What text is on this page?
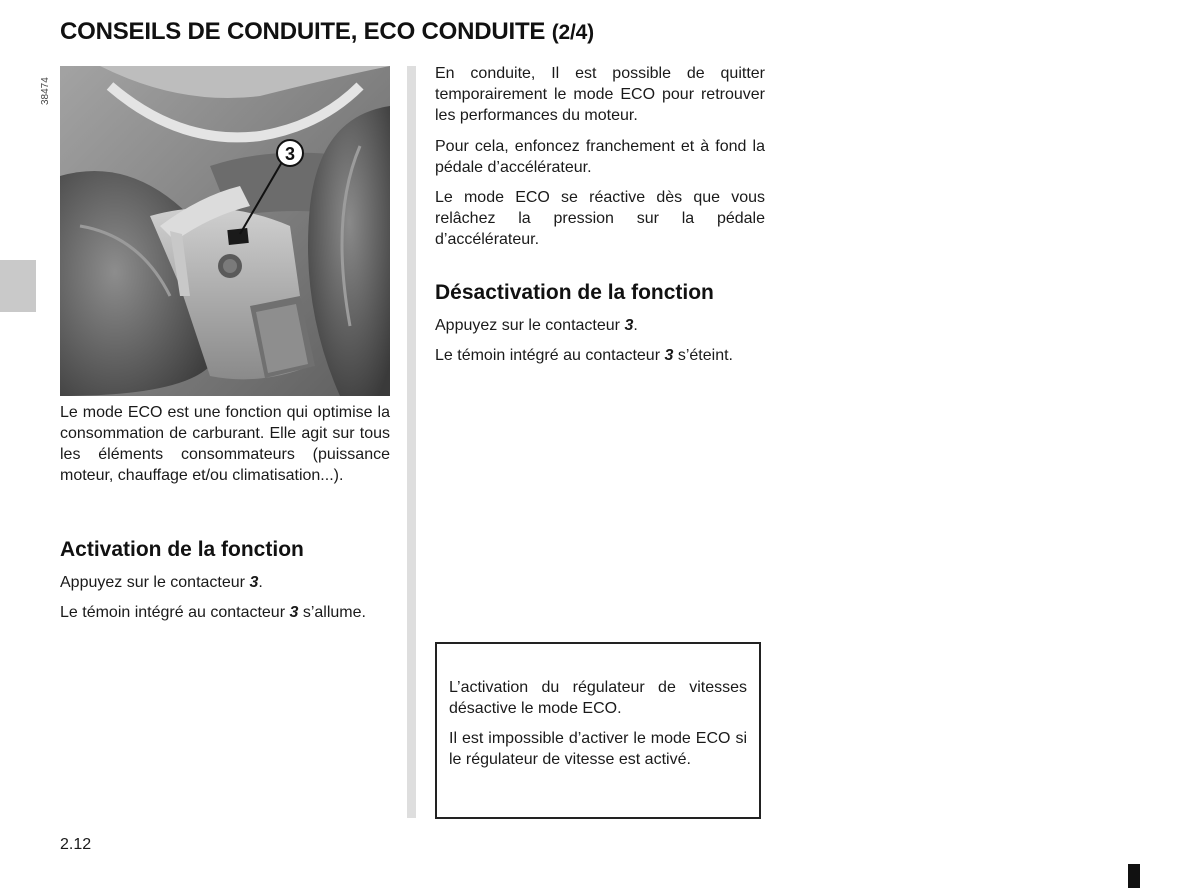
CONSEILS DE CONDUITE, ECO CONDUITE (2/4)
38474
3

Le mode ECO est une fonction qui optimise la consommation de carburant. Elle agit sur tous les éléments consommateurs (puissance moteur, chauffage et/ou climatisation...).

Activation de la fonction

Appuyez sur le contacteur 3.

Le témoin intégré au contacteur 3 s’allume.

En conduite, Il est possible de quitter temporairement le mode ECO pour retrouver les performances du moteur.

Pour cela, enfoncez franchement et à fond la pédale d’accélérateur.

Le mode ECO se réactive dès que vous relâchez la pression sur la pédale d’accélérateur.

Désactivation de la fonction

Appuyez sur le contacteur 3.

Le témoin intégré au contacteur 3 s’éteint.

L’activation du régulateur de vitesses désactive le mode ECO.

Il est impossible d’activer le mode ECO si le régulateur de vitesse est activé.

2.12
